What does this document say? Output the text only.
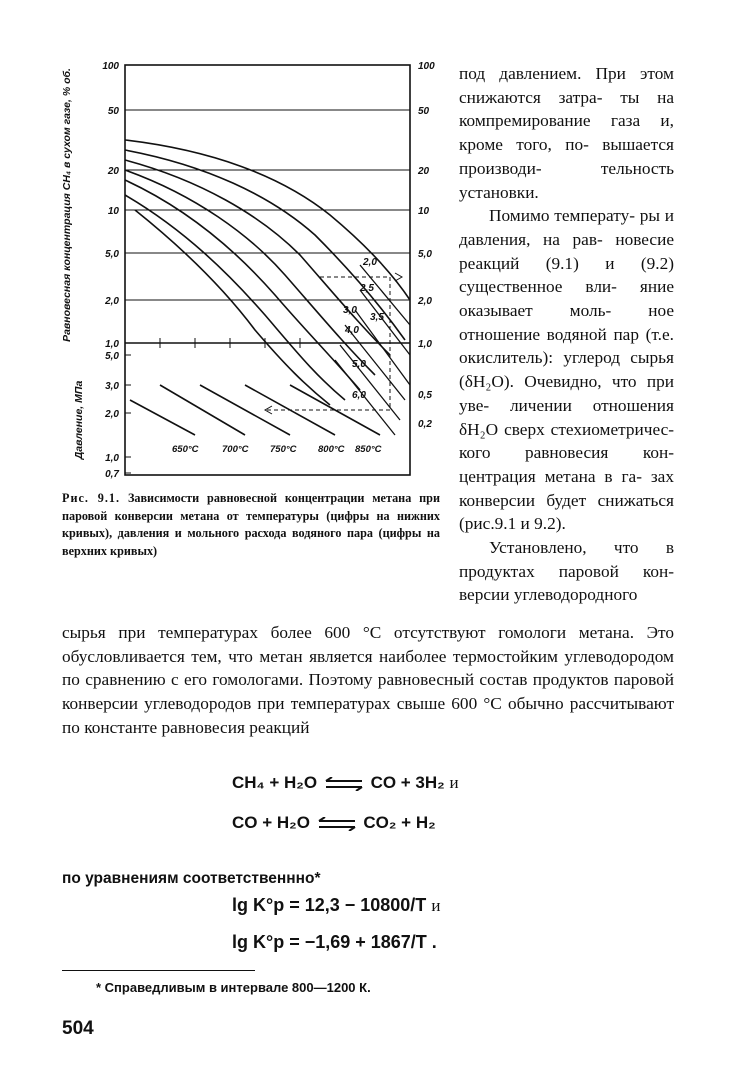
100	100
50	50
20	20
10	10
5,0	5,0
2,0	2,0
1,0	1,0
5,0
3,0
2,0
1,0
0,7
0,5
0,2
2,0
2,5
3,0
3,5
4,0
5,0
6,0
650°C 700°C 750°C 800°C 850°C
Равновесная концентрация CH₄ в сухом газе, % об.
Давление, МПа
Рис. 9.1. Зависимости равновесной концентрации метана при паровой конверсии метана от температуры (цифры на нижних кривых), давления и мольного расхода водяного пара (цифры на верхних кривых)

под давлением. При этом снижаются затра- ты на компремирование газа и, кроме того, по- вышается производи-	тельность установки.

Помимо температу- ры и давления, на рав- новесие реакций (9.1) и (9.2) существенное вли- яние оказывает моль- ное отношение водяной пар (т.е. окислитель): углерод сырья (δH₂O). Очевидно, что при уве- личении отношения δH₂O сверх стехиометричес- кого равновесия кон- центрация метана в га- зах конверсии будет снижаться (рис.9.1 и 9.2).

Установлено, что в продуктах паровой кон- версии углеводородного

сырья при температурах более 600 °С отсутствуют гомологи метана. Это обусловливается тем, что метан является наиболее термостойким углеводородом по сравнению с его гомологами. Поэтому равновесный состав продуктов паровой конверсии углеводородов при температурах свыше 600 °С обычно рассчитывают по константе равновесия реакций

CH₄ + H₂O ⇌ CO + 3H₂ и
CO + H₂O ⇌ CO₂ + H₂
по уравнениям соответственнно*
lg K°p = 12,3 − 10800/T и
lg K°p = −1,69 + 1867/T .
* Справедливым в интервале 800—1200 К.
504
